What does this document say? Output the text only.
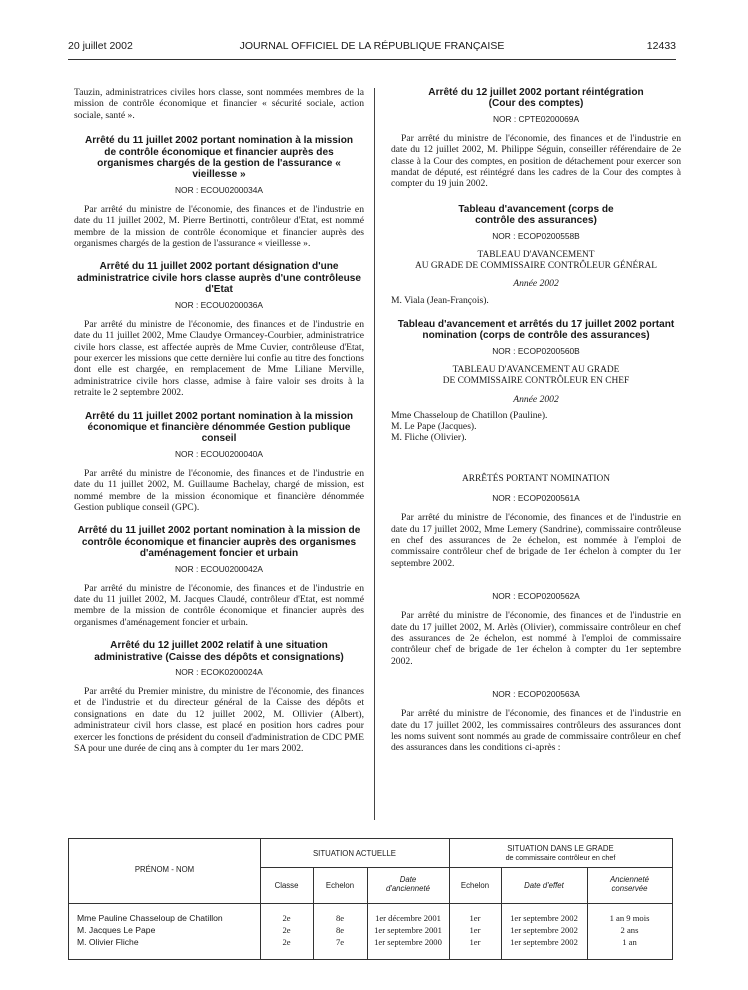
20 juillet 2002	JOURNAL OFFICIEL DE LA RÉPUBLIQUE FRANÇAISE	12433

Tauzin, administratrices civiles hors classe, sont nommées membres de la mission de contrôle économique et financier « sécurité sociale, action sociale, santé ».

Arrêté du 11 juillet 2002 portant nomination à la mission de contrôle économique et financier auprès des organismes chargés de la gestion de l'assurance « vieillesse »
NOR : ECOU0200034A

Par arrêté du ministre de l'économie, des finances et de l'industrie en date du 11 juillet 2002, M. Pierre Bertinotti, contrôleur d'Etat, est nommé membre de la mission de contrôle économique et financier auprès des organismes chargés de la gestion de l'assurance « vieillesse ».

Arrêté du 11 juillet 2002 portant désignation d'une administratrice civile hors classe auprès d'une contrôleuse d'Etat
NOR : ECOU0200036A

Par arrêté du ministre de l'économie, des finances et de l'industrie en date du 11 juillet 2002, Mme Claudye Ormancey-Courbier, administratrice civile hors classe, est affectée auprès de Mme Cuvier, contrôleuse d'Etat, pour exercer les missions que cette dernière lui confie au titre des fonctions dont elle est chargée, en remplacement de Mme Liliane Merville, administratrice civile hors classe, admise à faire valoir ses droits à la retraite le 2 septembre 2002.

Arrêté du 11 juillet 2002 portant nomination à la mission économique et financière dénommée Gestion publique conseil
NOR : ECOU0200040A

Par arrêté du ministre de l'économie, des finances et de l'industrie en date du 11 juillet 2002, M. Guillaume Bachelay, chargé de mission, est nommé membre de la mission économique et financière dénommée Gestion publique conseil (GPC).

Arrêté du 11 juillet 2002 portant nomination à la mission de contrôle économique et financier auprès des organismes d'aménagement foncier et urbain
NOR : ECOU0200042A

Par arrêté du ministre de l'économie, des finances et de l'industrie en date du 11 juillet 2002, M. Jacques Claudé, contrôleur d'Etat, est nommé membre de la mission de contrôle économique et financier auprès des organismes d'aménagement foncier et urbain.

Arrêté du 12 juillet 2002 relatif à une situation administrative (Caisse des dépôts et consignations)
NOR : ECOK0200024A

Par arrêté du Premier ministre, du ministre de l'économie, des finances et de l'industrie et du directeur général de la Caisse des dépôts et consignations en date du 12 juillet 2002, M. Ollivier (Albert), administrateur civil hors classe, est placé en position hors cadres pour exercer les fonctions de président du conseil d'administration de CDC PME SA pour une durée de cinq ans à compter du 1er mars 2002.

Arrêté du 12 juillet 2002 portant réintégration (Cour des comptes)
NOR : CPTE0200069A

Par arrêté du ministre de l'économie, des finances et de l'industrie en date du 12 juillet 2002, M. Philippe Séguin, conseiller référendaire de 2e classe à la Cour des comptes, en position de détachement pour exercer son mandat de député, est réintégré dans les cadres de la Cour des comptes à compter du 19 juin 2002.

Tableau d'avancement (corps de contrôle des assurances)
NOR : ECOP0200558B

TABLEAU D'AVANCEMENT

AU GRADE DE COMMISSAIRE CONTRÔLEUR GÉNÉRAL

Année 2002

M. Viala (Jean-François).

Tableau d'avancement et arrêtés du 17 juillet 2002 portant nomination (corps de contrôle des assurances)
NOR : ECOP0200560B

TABLEAU D'AVANCEMENT AU GRADE

DE COMMISSAIRE CONTRÔLEUR EN CHEF

Année 2002

Mme Chasseloup de Chatillon (Pauline).

M. Le Pape (Jacques).

M. Fliche (Olivier).

ARRÊTÉS PORTANT NOMINATION

NOR : ECOP0200561A

Par arrêté du ministre de l'économie, des finances et de l'industrie en date du 17 juillet 2002, Mme Lemery (Sandrine), commissaire contrôleuse en chef des assurances de 2e échelon, est nommée à l'emploi de commissaire contrôleur chef de brigade de 1er échelon à compter du 1er septembre 2002.

NOR : ECOP0200562A

Par arrêté du ministre de l'économie, des finances et de l'industrie en date du 17 juillet 2002, M. Arlès (Olivier), commissaire contrôleur en chef des assurances de 2e échelon, est nommé à l'emploi de commissaire contrôleur chef de brigade de 1er échelon à compter du 1er septembre 2002.

NOR : ECOP0200563A

Par arrêté du ministre de l'économie, des finances et de l'industrie en date du 17 juillet 2002, les commissaires contrôleurs des assurances dont les noms suivent sont nommés au grade de commissaire contrôleur en chef des assurances dans les conditions ci-après :

PRÉNOM - NOM
SITUATION ACTUELLE
SITUATION DANS LE GRADE
de commissaire contrôleur en chef
Classe	Echelon
Date
d'ancienneté	Echelon	Date d'effet
Ancienneté
conservée
Mme Pauline Chasseloup de Chatillon	2e	8e	1er décembre 2001	1er	1er septembre 2002	1 an 9 mois
M. Jacques Le Pape	2e	8e	1er septembre 2001	1er	1er septembre 2002	2 ans
M. Olivier Fliche	2e	7e	1er septembre 2000	1er	1er septembre 2002	1 an
